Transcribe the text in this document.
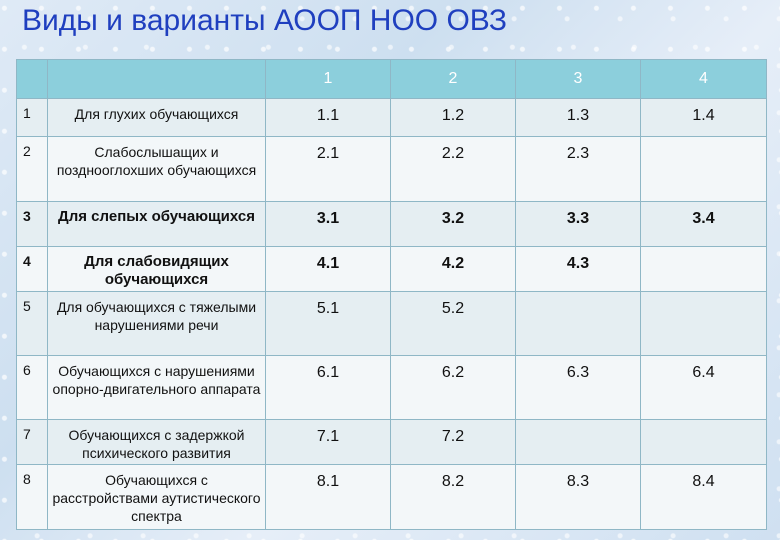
Виды и варианты АООП НОО ОВЗ
		1	2	3	4
1	Для глухих обучающихся	1.1	1.2	1.3	1.4
2	Слабослышащих и позднооглохших обучающихся	2.1	2.2	2.3	
3	Для слепых обучающихся	3.1	3.2	3.3	3.4
4	Для слабовидящих обучающихся	4.1	4.2	4.3	
5	Для обучающихся с тяжелыми нарушениями речи	5.1	5.2		
6	Обучающихся с нарушениями опорно-двигательного аппарата	6.1	6.2	6.3	6.4
7	Обучающихся с задержкой психического развития	7.1	7.2		
8	Обучающихся с расстройствами аутистического спектра	8.1	8.2	8.3	8.4
